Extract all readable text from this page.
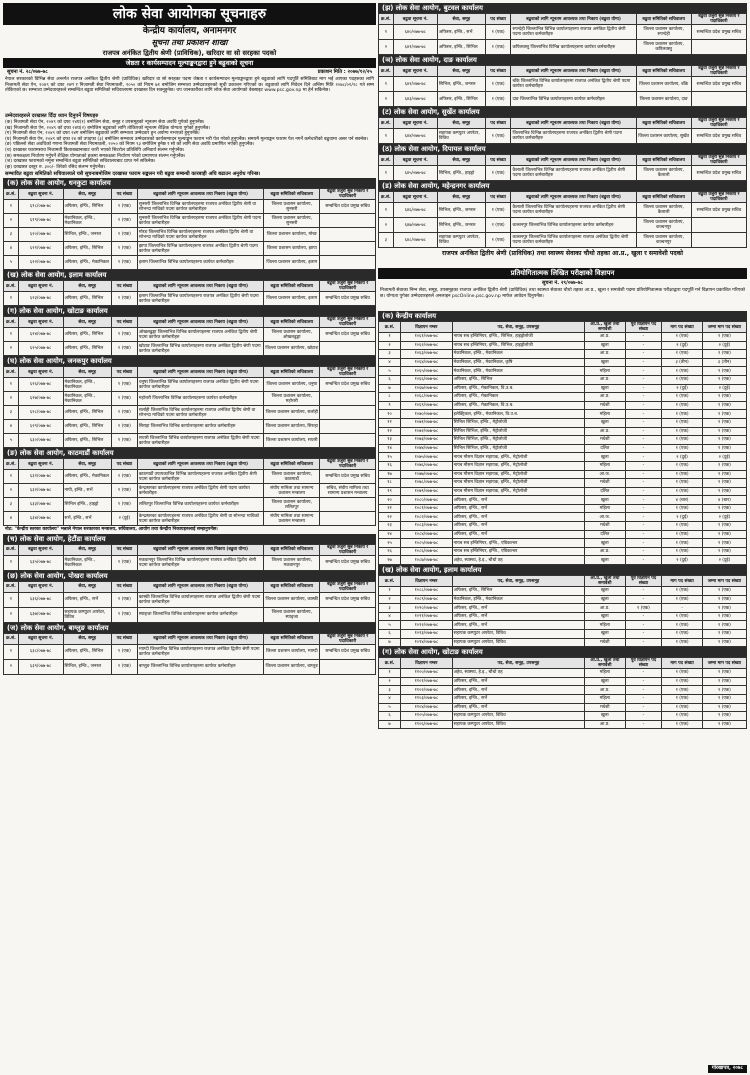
लोक सेवा आयोगका सूचनाहरु
केन्द्रीय कार्यालय, अनामनगर
सूचना तथा प्रकाशन शाखा
राजपत्र अनंकित द्वितीय श्रेणी (प्राविधिक), खरिदार वा सो सरहका पदको
जेष्ठता र कार्यसम्पादन मूल्याङ्कनद्वारा हुने बढुवाको सूचना
सूचना नं. २८/०७७-७८	प्रकाशन मिति : २०७७/१२/२५
नेपाल सरकारको विभिन्न सेवा अन्तर्गत राजपत्र अनंकित द्वितीय श्रेणी (प्राविधिक) खरिदार वा सो सरहका पदमा जेष्ठता र कार्यसम्पादन मूल्याङ्कनद्वारा हुने बढुवाको लागि पदपूर्ति समितिबाट माग भई आएका पदहरुका लागि निजामती सेवा ऐन, २०४९ को दफा २४ग र निजामती सेवा नियमावली, २०५० को नियम ७१ बमोजिम सम्भाव्य उम्मेदवारहरुको सूची प्रकाशन गरिएको छ। बढुवाको लागि निवेदन दिने अन्तिम मिति २०७८/०१/२८ गते सम्म तोकिएको छ। सम्भाव्य उम्मेदवारहरुले सम्बन्धित बढुवा समितिको सचिवालयमा दरखास्त दिन सक्नुहुनेछ। थप जानकारीका लागि लोक सेवा आयोगको वेबसाइट www.psc.gov.np मा हेर्न सकिनेछ।
उम्मेदवारहरुले दरखास्त दिँदा ध्यान दिनुपर्ने विषयहरु
(क) निजामती सेवा ऐन, २०४९ को दफा २४घ(१) बमोजिम सेवा, समूह र उपसमूहको न्यूनतम सेवा अवधि पुगेको हुनुपर्नेछ।
(ख) निजामती सेवा ऐन, २०४९ को दफा २४घ(२) बमोजिम बढुवाको लागि तोकिएको न्यूनतम शैक्षिक योग्यता पुगेको हुनुपर्नेछ।
(ग) निजामती सेवा ऐन, २०४९ को दफा २४ग बमोजिम बढुवाको लागि सम्भाव्य उम्मेदवार हुन अयोग्य नभएको हुनुपर्नेछ।
(घ) निजामती सेवा ऐन, २०४९ को दफा २४ को उपदफा (३) बमोजिम सम्भाव्य उम्मेदवारको कार्यसम्पादन मूल्याङ्कन फाराम भरी पेश गरेको हुनुपर्नेछ। समयमै मूल्याङ्कन फाराम पेश नगर्ने कर्मचारीको बढुवामा असर पर्न सक्नेछ।
(ङ) पछिल्लो सेवा अवधिको गणना निजामती सेवा नियमावली, २०५० को नियम ९३ बमोजिम हुनेछ र सो को लागि सेवा अवधि प्रमाणित भएको हुनुपर्नेछ।
(च) दरखास्त फारामसाथ निजामती किताबखानाबाट जारी भएको सिटरोल प्रतिलिपि अनिवार्य संलग्न गर्नुपर्नेछ।
(छ) समकक्षता निर्धारण गर्नुपर्ने शैक्षिक योग्यताको हकमा समकक्षता निर्धारण गरेको प्रमाणपत्र संलग्न गर्नुपर्नेछ।
(ज) दरखास्त फारामको नमूना सम्बन्धित बढुवा समितिको सचिवालयबाट प्राप्त गर्न सकिनेछ।
(झ) दरखास्त दस्तुर रु. ३००/- तिरेको रसिद संलग्न गर्नुपर्नेछ।
सम्भावित बढुवा समितिको सचिवालयले यसै सूचनाबमोजिम दरखास्त फाराम सङ्कलन गरी बढुवा सम्बन्धी कारबाही अघि बढाउन अनुरोध गरिन्छ।
(क) लोक सेवा आयोग, धनकुटा कार्यालय
क्र.सं.	बढुवा सूचना नं.	सेवा, समूह	पद संख्या	बढुवाको लागि न्यूनतम आवश्यक तथा निकाय (बढुवा योग्य)	बढुवा समितिको सचिवालय	बढुवा उजुरी सुन्ने निकाय र पदाधिकारी
१	६१८/०७७-७८	अफिसर, इन्जि., सिभिल	१ (एक)	सुनसरी जिल्लाभित्र विभिन्न कार्यालयहरुमा राजपत्र अनंकित द्वितीय श्रेणी वा सोभन्दा माथिको पदमा कार्यरत कर्मचारीहरु	जिल्ला प्रशासन कार्यालय, सुनसरी	सम्बन्धित प्रदेश प्रमुख सचिव
२	६१९/०७७-७८	मेकानिकल, इन्जि., मेकानिकल	१ (एक)	सुनसरी जिल्लाभित्र विभिन्न कार्यालयहरुमा राजपत्र अनंकित द्वितीय श्रेणी पदमा कार्यरत कर्मचारीहरु	जिल्ला प्रशासन कार्यालय, सुनसरी	
३	६२०/०७७-७८	सिभिल, इन्जि., जनरल	१ (एक)	मोरङ जिल्लाभित्र विभिन्न कार्यालयहरुमा राजपत्र अनंकित द्वितीय श्रेणी वा सोभन्दा माथिको पदमा कार्यरत कर्मचारीहरु	जिल्ला प्रशासन कार्यालय, मोरङ	
४	६२१/०७७-७८	अफिसर, इन्जि., सिभिल	१ (एक)	झापा जिल्लाभित्र विभिन्न कार्यालयहरुमा राजपत्र अनंकित द्वितीय श्रेणी पदमा कार्यरत कर्मचारीहरु	जिल्ला प्रशासन कार्यालय, झापा	
५	६२२/०७७-७८	अफिसर, इन्जि., मेकानिकल	१ (एक)	इलाम जिल्लाभित्र विभिन्न कार्यालयहरुमा कार्यरत कर्मचारीहरु	जिल्ला प्रशासन कार्यालय, इलाम	
(ख) लोक सेवा आयोग, इलाम कार्यालय
क्र.सं.	बढुवा सूचना नं.	सेवा, समूह	पद संख्या	बढुवाको लागि न्यूनतम आवश्यक तथा निकाय (बढुवा योग्य)	बढुवा समितिको सचिवालय	बढुवा उजुरी सुन्ने निकाय र पदाधिकारी
१	६२३/०७७-७८	अफिसर, इन्जि., सिभिल	१ (एक)	इलाम जिल्लाभित्र विभिन्न कार्यालयहरुमा राजपत्र अनंकित द्वितीय श्रेणी पदमा कार्यरत कर्मचारीहरु	जिल्ला प्रशासन कार्यालय, इलाम	सम्बन्धित प्रदेश प्रमुख सचिव
(ग) लोक सेवा आयोग, खोटाङ कार्यालय
क्र.सं.	बढुवा सूचना नं.	सेवा, समूह	पद संख्या	बढुवाको लागि न्यूनतम आवश्यक तथा निकाय (बढुवा योग्य)	बढुवा समितिको सचिवालय	बढुवा उजुरी सुन्ने निकाय र पदाधिकारी
१	६२४/०७७-७८	अफिसर, इन्जि., सिभिल	१ (एक)	ओखलढुङ्गा जिल्लाभित्र विभिन्न कार्यालयहरुमा राजपत्र अनंकित द्वितीय श्रेणी पदमा कार्यरत कर्मचारीहरु	जिल्ला प्रशासन कार्यालय, ओखलढुङ्गा	सम्बन्धित प्रदेश प्रमुख सचिव
२	६२५/०७७-७८	अफिसर, इन्जि., सिभिल	१ (एक)	खोटाङ जिल्लाभित्र विभिन्न कार्यालयहरुमा राजपत्र अनंकित द्वितीय श्रेणी पदमा कार्यरत कर्मचारीहरु	जिल्ला प्रशासन कार्यालय, खोटाङ	
(घ) लोक सेवा आयोग, जनकपुर कार्यालय
क्र.सं.	बढुवा सूचना नं.	सेवा, समूह	पद संख्या	बढुवाको लागि न्यूनतम आवश्यक तथा निकाय (बढुवा योग्य)	बढुवा समितिको सचिवालय	बढुवा उजुरी सुन्ने निकाय र पदाधिकारी
१	६२६/०७७-७८	मेकानिकल, इन्जि., मेकानिकल	१ (एक)	धनुषा जिल्लाभित्र विभिन्न कार्यालयहरुमा राजपत्र अनंकित द्वितीय श्रेणी पदमा कार्यरत कर्मचारीहरु	जिल्ला प्रशासन कार्यालय, धनुषा	सम्बन्धित प्रदेश प्रमुख सचिव
२	६२७/०७७-७८	मेकानिकल, इन्जि., मेकानिकल	१ (एक)	महोत्तरी जिल्लाभित्र विभिन्न कार्यालयहरुमा कार्यरत कर्मचारीहरु	जिल्ला प्रशासन कार्यालय, महोत्तरी	
३	६२८/०७७-७८	अफिसर, इन्जि., सिभिल	१ (एक)	सर्लाही जिल्लाभित्र विभिन्न कार्यालयहरुमा राजपत्र अनंकित द्वितीय श्रेणी वा सोभन्दा माथिको पदमा कार्यरत कर्मचारीहरु	जिल्ला प्रशासन कार्यालय, सर्लाही	
४	६२९/०७७-७८	अफिसर, इन्जि., सिभिल	१ (एक)	सिराहा जिल्लाभित्र विभिन्न कार्यालयहरुमा कार्यरत कर्मचारीहरु	जिल्ला प्रशासन कार्यालय, सिराहा	
५	६३०/०७७-७८	अफिसर, इन्जि., सिभिल	१ (एक)	सप्तरी जिल्लाभित्र विभिन्न कार्यालयहरुमा राजपत्र अनंकित द्वितीय श्रेणी पदमा कार्यरत कर्मचारीहरु	जिल्ला प्रशासन कार्यालय, सप्तरी	
(ङ) लोक सेवा आयोग, काठमाडौं कार्यालय
क्र.सं.	बढुवा सूचना नं.	सेवा, समूह	पद संख्या	बढुवाको लागि न्यूनतम आवश्यक तथा निकाय (बढुवा योग्य)	बढुवा समितिको सचिवालय	बढुवा उजुरी सुन्ने निकाय र पदाधिकारी
१	६३१/०७७-७८	अफिसर, इन्जि., मेकानिकल	१ (एक)	काठमाडौं उपत्यकाभित्र विभिन्न कार्यालयहरुमा राजपत्र अनंकित द्वितीय श्रेणी पदमा कार्यरत कर्मचारीहरु	जिल्ला प्रशासन कार्यालय, काठमाडौं	सम्बन्धित प्रदेश प्रमुख सचिव
२	६३२/०७७-७८	नापी, इन्जि., सर्भे	१ (एक)	केन्द्रस्तरका कार्यालयहरुमा राजपत्र अनंकित द्वितीय श्रेणी पदमा कार्यरत कर्मचारीहरु	संघीय मामिला तथा सामान्य प्रशासन मन्त्रालय	सचिव, संघीय मामिला तथा सामान्य प्रशासन मन्त्रालय
३	६३३/०७७-७८	सिभिल इन्जि., हाइड्रो	१ (एक)	ललितपुर जिल्लाभित्र विभिन्न कार्यालयहरुमा कार्यरत कर्मचारीहरु	जिल्ला प्रशासन कार्यालय, ललितपुर	
४	६३४/०७७-७८	सर्भे, इन्जि., सर्भे	२ (दुई)	केन्द्रस्तरका कार्यालयहरुमा राजपत्र अनंकित द्वितीय श्रेणी वा सोभन्दा माथिको पदमा कार्यरत कर्मचारीहरु	संघीय मामिला तथा सामान्य प्रशासन मन्त्रालय	
नोट: "केन्द्रीय स्तरका कार्यालय" भन्नाले नेपाल सरकारका मन्त्रालय, सचिवालय, आयोग तथा केन्द्रीय निकायहरुलाई सम्झनुपर्नेछ।
(च) लोक सेवा आयोग, हेटौंडा कार्यालय
क्र.सं.	बढुवा सूचना नं.	सेवा, समूह	पद संख्या	बढुवाको लागि न्यूनतम आवश्यक तथा निकाय (बढुवा योग्य)	बढुवा समितिको सचिवालय	बढुवा उजुरी सुन्ने निकाय र पदाधिकारी
१	६३५/०७७-७८	मेकानिकल, इन्जि., मेकानिकल	१ (एक)	मकवानपुर जिल्लाभित्र विभिन्न कार्यालयहरुमा राजपत्र अनंकित द्वितीय श्रेणी पदमा कार्यरत कर्मचारीहरु	जिल्ला प्रशासन कार्यालय, मकवानपुर	सम्बन्धित प्रदेश प्रमुख सचिव
(छ) लोक सेवा आयोग, पोखरा कार्यालय
क्र.सं.	बढुवा सूचना नं.	सेवा, समूह	पद संख्या	बढुवाको लागि न्यूनतम आवश्यक तथा निकाय (बढुवा योग्य)	बढुवा समितिको सचिवालय	बढुवा उजुरी सुन्ने निकाय र पदाधिकारी
१	६३६/०७७-७८	अफिसर, इन्जि., सर्भे	१ (एक)	कास्की जिल्लाभित्र विभिन्न कार्यालयहरुमा राजपत्र अनंकित द्वितीय श्रेणी पदमा कार्यरत कर्मचारीहरु	जिल्ला प्रशासन कार्यालय, कास्की	सम्बन्धित प्रदेश प्रमुख सचिव
२	६३७/०७७-७८	सहायक कम्प्युटर अपरेटर, विविध	१ (एक)	स्याङ्जा जिल्लाभित्र विभिन्न कार्यालयहरुमा कार्यरत कर्मचारीहरु	जिल्ला प्रशासन कार्यालय, स्याङ्जा	
(ज) लोक सेवा आयोग, बाग्लुङ कार्यालय
क्र.सं.	बढुवा सूचना नं.	सेवा, समूह	पद संख्या	बढुवाको लागि न्यूनतम आवश्यक तथा निकाय (बढुवा योग्य)	बढुवा समितिको सचिवालय	बढुवा उजुरी सुन्ने निकाय र पदाधिकारी
१	६३८/०७७-७८	अफिसर, इन्जि., सिभिल	१ (एक)	म्याग्दी जिल्लाभित्र विभिन्न कार्यालयहरुमा राजपत्र अनंकित द्वितीय श्रेणी पदमा कार्यरत कर्मचारीहरु	जिल्ला प्रशासन कार्यालय, म्याग्दी	सम्बन्धित प्रदेश प्रमुख सचिव
२	६३९/०७७-७८	सिभिल, इन्जि., जनरल	१ (एक)	बाग्लुङ जिल्लाभित्र विभिन्न कार्यालयहरुमा कार्यरत कर्मचारीहरु	जिल्ला प्रशासन कार्यालय, बाग्लुङ	
(झ) लोक सेवा आयोग, बुटवल कार्यालय
क्र.सं.	बढुवा सूचना नं.	सेवा, समूह	पद संख्या	बढुवाको लागि न्यूनतम आवश्यक तथा निकाय (बढुवा योग्य)	बढुवा समितिको सचिवालय	बढुवा उजुरी सुन्ने निकाय र पदाधिकारी
१	६४०/०७७-७८	अफिसर, इन्जि., सर्भे	१ (एक)	रुपन्देही जिल्लाभित्र विभिन्न कार्यालयहरुमा राजपत्र अनंकित द्वितीय श्रेणी पदमा कार्यरत कर्मचारीहरु	जिल्ला प्रशासन कार्यालय, रुपन्देही	सम्बन्धित प्रदेश प्रमुख सचिव
२	६४१/०७७-७८	अफिसर, इन्जि., सिभिल	१ (एक)	कपिलवस्तु जिल्लाभित्र विभिन्न कार्यालयहरुमा कार्यरत कर्मचारीहरु	जिल्ला प्रशासन कार्यालय, कपिलवस्तु	
(ञ) लोक सेवा आयोग, दाङ कार्यालय
क्र.सं.	बढुवा सूचना नं.	सेवा, समूह	पद संख्या	बढुवाको लागि न्यूनतम आवश्यक तथा निकाय (बढुवा योग्य)	बढुवा समितिको सचिवालय	बढुवा उजुरी सुन्ने निकाय र पदाधिकारी
१	६४२/०७७-७८	सिभिल, इन्जि., जनरल	१ (एक)	बाँके जिल्लाभित्र विभिन्न कार्यालयहरुमा राजपत्र अनंकित द्वितीय श्रेणी पदमा कार्यरत कर्मचारीहरु	जिल्ला प्रशासन कार्यालय, बाँके	सम्बन्धित प्रदेश प्रमुख सचिव
२	६४३/०७७-७८	अफिसर, इन्जि., सिभिल	१ (एक)	दाङ जिल्लाभित्र विभिन्न कार्यालयहरुमा कार्यरत कर्मचारीहरु	जिल्ला प्रशासन कार्यालय, दाङ	
(ट) लोक सेवा आयोग, सुर्खेत कार्यालय
क्र.सं.	बढुवा सूचना नं.	सेवा, समूह	पद संख्या	बढुवाको लागि न्यूनतम आवश्यक तथा निकाय (बढुवा योग्य)	बढुवा समितिको सचिवालय	बढुवा उजुरी सुन्ने निकाय र पदाधिकारी
१	६४४/०७७-७८	सहायक कम्प्युटर अपरेटर, विविध	१ (एक)	जिल्लाभित्र विभिन्न कार्यालयहरुमा राजपत्र अनंकित द्वितीय श्रेणी पदमा कार्यरत कर्मचारीहरु	जिल्ला प्रशासन कार्यालय, सुर्खेत	सम्बन्धित प्रदेश प्रमुख सचिव
(ठ) लोक सेवा आयोग, दिपायल कार्यालय
क्र.सं.	बढुवा सूचना नं.	सेवा, समूह	पद संख्या	बढुवाको लागि न्यूनतम आवश्यक तथा निकाय (बढुवा योग्य)	बढुवा समितिको सचिवालय	बढुवा उजुरी सुन्ने निकाय र पदाधिकारी
१	६४५/०७७-७८	सिभिल, इन्जि., हाइड्रो	१ (एक)	कैलाली जिल्लाभित्र विभिन्न कार्यालयहरुमा राजपत्र अनंकित द्वितीय श्रेणी पदमा कार्यरत कर्मचारीहरु	जिल्ला प्रशासन कार्यालय, कैलाली	सम्बन्धित प्रदेश प्रमुख सचिव
(ड) लोक सेवा आयोग, महेन्द्रनगर कार्यालय
क्र.सं.	बढुवा सूचना नं.	सेवा, समूह	पद संख्या	बढुवाको लागि न्यूनतम आवश्यक तथा निकाय (बढुवा योग्य)	बढुवा समितिको सचिवालय	बढुवा उजुरी सुन्ने निकाय र पदाधिकारी
१	६४६/०७७-७८	सिभिल, इन्जि., जनरल	१ (एक)	कैलाली जिल्लाभित्र विभिन्न कार्यालयहरुमा राजपत्र अनंकित द्वितीय श्रेणी पदमा कार्यरत कर्मचारीहरु	जिल्ला प्रशासन कार्यालय, कैलाली	सम्बन्धित प्रदेश प्रमुख सचिव
२	६४७/०७७-७८	सिभिल, इन्जि., जनरल	१ (एक)	कञ्चनपुर जिल्लाभित्र विभिन्न कार्यालयहरुमा कार्यरत कर्मचारीहरु	जिल्ला प्रशासन कार्यालय, कञ्चनपुर	
३	६४८/०७७-७८	सहायक कम्प्युटर अपरेटर, विविध	१ (एक)	कञ्चनपुर जिल्लाभित्र विभिन्न कार्यालयहरुमा राजपत्र अनंकित द्वितीय श्रेणी पदमा कार्यरत कर्मचारीहरु	जिल्ला प्रशासन कार्यालय, कञ्चनपुर	
राजपत्र अनंकित द्वितीय श्रेणी (प्राविधिक) तथा स्वास्थ्य सेवाका चौथो तहका आ.प्र., खुला र समावेशी पदको
प्रतियोगितात्मक लिखित परीक्षाको विज्ञापन
सूचना नं. २९/०७७-७८
निजामती सेवाका निम्न सेवा, समूह, उपसमूहका राजपत्र अनंकित द्वितीय श्रेणी (प्राविधिक) तथा स्वास्थ्य सेवाका चौथो तहका आ.प्र., खुला र समावेशी पदमा प्रतियोगितात्मक परीक्षाद्वारा पदपूर्ति गर्न विज्ञापन प्रकाशित गरिएको छ। योग्यता पुगेका उम्मेदवारहरुले अनलाइन pscOnline.psc.gov.np मार्फत आवेदन दिनुपर्नेछ।
(क) केन्द्रीय कार्यालय
क्र.सं.	विज्ञापन नम्बर	पद, सेवा, समूह, उपसमूह	आ.प्र., खुला तथा समावेशी	पूर्व विज्ञापन पद संख्या	माग पद संख्या	जम्मा माग पद संख्या
१	१०६१/०७७-७८	नायब सब इन्जिनियर, इन्जि., सिभिल, हाइड्रोलोजी	आ.प्र.	-	१ (एक)	१ (एक)
२	१०६२/०७७-७८	नायब सब इन्जिनियर, इन्जि., सिभिल, हाइड्रोलोजी	खुला	-	२ (दुई)	२ (दुई)
३	१०६३/०७७-७८	मेकानिकल, इन्जि., मेकानिकल	आ.प्र.	-	१ (एक)	१ (एक)
४	१०६४/०७७-७८	मेकानिकल, इन्जि., मेकानिकल, कृषि	खुला	-	३ (तीन)	३ (तीन)
५	१०६५/०७७-७८	मेकानिकल, इन्जि., मेकानिकल	महिला	-	१ (एक)	१ (एक)
६	१०६६/०७७-७८	अफिसर, इन्जि., सिभिल	आ.प्र.	-	१ (एक)	१ (एक)
७	१०६७/०७७-७८	अफिसर, इन्जि., मेकानिकल, वि.उ.ब.	खुला	-	२ (दुई)	२ (दुई)
८	१०६८/०७७-७८	अफिसर, इन्जि., मेकानिकल	आ.प्र.	-	१ (एक)	१ (एक)
९	१०६९/०७७-७८	अफिसर, इन्जि., मेकानिकल, वि.उ.ब.	मधेशी	-	१ (एक)	१ (एक)
१०	१०७०/०७७-७८	इलेक्ट्रिकल, इन्जि., मेकानिकल, वि.उ.ब.	महिला	-	१ (एक)	१ (एक)
११	१०७१/०७७-७८	सिभिल सिभिल, इन्जि., मेट्रोलोजी	खुला	-	१ (एक)	१ (एक)
१२	१०७२/०७७-७८	सिभिल सिभिल, इन्जि., मेट्रोलोजी	आ.प्र.	-	१ (एक)	१ (एक)
१३	१०७३/०७७-७८	सिभिल सिभिल, इन्जि., मेट्रोलोजी	मधेशी	-	१ (एक)	१ (एक)
१४	१०७४/०७७-७८	सिभिल सिभिल, इन्जि., मेट्रोलोजी	दलित	-	१ (एक)	१ (एक)
१५	१०७५/०७७-७८	नायब मौसम विज्ञान सहायक, इन्जि., मेट्रोलोजी	खुला	-	२ (दुई)	२ (दुई)
१६	१०७६/०७७-७८	नायब मौसम विज्ञान सहायक, इन्जि., मेट्रोलोजी	महिला	-	१ (एक)	१ (एक)
१७	१०७७/०७७-७८	नायब मौसम विज्ञान सहायक, इन्जि., मेट्रोलोजी	आ.ज.	-	१ (एक)	१ (एक)
१८	१०७८/०७७-७८	नायब मौसम विज्ञान सहायक, इन्जि., मेट्रोलोजी	मधेशी	-	१ (एक)	१ (एक)
१९	१०७९/०७७-७८	नायब मौसम विज्ञान सहायक, इन्जि., मेट्रोलोजी	दलित	-	१ (एक)	१ (एक)
२०	१०८०/०७७-७८	अफिसर, इन्जि., सर्भे	खुला	-	४ (चार)	४ (चार)
२१	१०८१/०७७-७८	अफिसर, इन्जि., सर्भे	महिला	-	१ (एक)	१ (एक)
२२	१०८२/०७७-७८	अफिसर, इन्जि., सर्भे	आ.ज.	-	२ (दुई)	२ (दुई)
२३	१०८३/०७७-७८	अफिसर, इन्जि., सर्भे	मधेशी	-	१ (एक)	१ (एक)
२४	१०८४/०७७-७८	अफिसर, इन्जि., सर्भे	दलित	-	१ (एक)	१ (एक)
२५	१०८५/०७७-७८	नायब सब इन्जिनियर, इन्जि., एग्रिकल्चर	खुला	-	१ (एक)	१ (एक)
२६	१०८६/०७७-७८	नायब सब इन्जिनियर, इन्जि., एग्रिकल्चर	आ.प्र.	-	१ (एक)	१ (एक)
२७	१०८७/०७७-७८	अहेव, स्वास्थ्य, हे.इ., चौथो तह	खुला	-	२ (दुई)	२ (दुई)
(ख) लोक सेवा आयोग, इलाम कार्यालय
क्र.सं.	विज्ञापन नम्बर	पद, सेवा, समूह, उपसमूह	आ.प्र., खुला तथा समावेशी	पूर्व विज्ञापन पद संख्या	माग पद संख्या	जम्मा माग पद संख्या
१	१०८८/०७७-७८	अफिसर, इन्जि., सिभिल	खुला	-	१ (एक)	१ (एक)
२	१०८९/०७७-७८	मेकानिकल, इन्जि., मेकानिकल	खुला	-	१ (एक)	१ (एक)
३	१०९०/०७७-७८	अफिसर, इन्जि., सर्भे	आ.प्र.	१ (एक)	-	१ (एक)
४	१०९१/०७७-७८	अफिसर, इन्जि., सर्भे	खुला	-	१ (एक)	१ (एक)
५	१०९२/०७७-७८	अफिसर, इन्जि., सर्भे	महिला	-	१ (एक)	१ (एक)
६	१०९३/०७७-७८	सहायक कम्प्युटर अपरेटर, विविध	खुला	-	१ (एक)	१ (एक)
७	१०९४/०७७-७८	सहायक कम्प्युटर अपरेटर, विविध	मधेशी	-	१ (एक)	१ (एक)
(ग) लोक सेवा आयोग, खोटाङ कार्यालय
क्र.सं.	विज्ञापन नम्बर	पद, सेवा, समूह, उपसमूह	आ.प्र., खुला तथा समावेशी	पूर्व विज्ञापन पद संख्या	माग पद संख्या	जम्मा माग पद संख्या
१	११००/०७७-७८	अहेव, स्वास्थ्य, हे.इ., चौथो तह	महिला	-	१ (एक)	१ (एक)
२	११०१/०७७-७८	अफिसर, इन्जि., सर्भे	खुला	-	१ (एक)	१ (एक)
३	११०२/०७७-७८	अफिसर, इन्जि., सर्भे	आ.प्र.	-	१ (एक)	१ (एक)
४	११०३/०७७-७८	अफिसर, इन्जि., सर्भे	महिला	-	१ (एक)	१ (एक)
५	११०४/०७७-७८	अफिसर, इन्जि., सर्भे	मधेशी	-	१ (एक)	१ (एक)
६	११०५/०७७-७८	सहायक कम्प्युटर अपरेटर, विविध	खुला	-	१ (एक)	१ (एक)
७	११०६/०७७-७८	सहायक कम्प्युटर अपरेटर, विविध	आ.प्र.	-	१ (एक)	१ (एक)
गोरखापत्र, २०७८
